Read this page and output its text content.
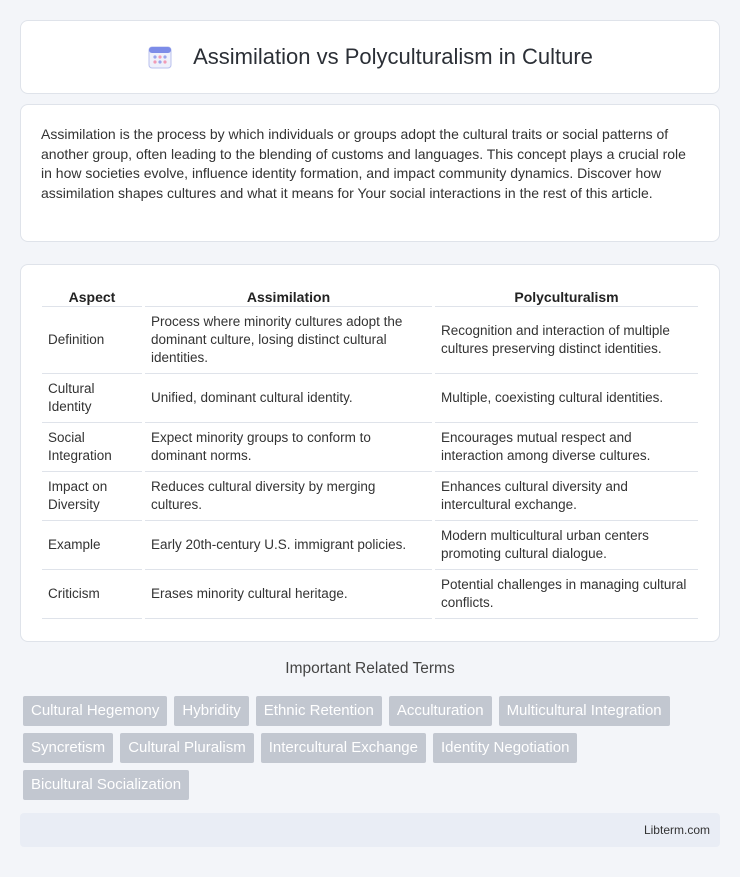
Assimilation vs Polyculturalism in Culture

Assimilation is the process by which individuals or groups adopt the cultural traits or social patterns of another group, often leading to the blending of customs and languages. This concept plays a crucial role in how societies evolve, influence identity formation, and impact community dynamics. Discover how assimilation shapes cultures and what it means for Your social interactions in the rest of this article.

Aspect	Assimilation	Polyculturalism
Definition	Process where minority cultures adopt the dominant culture, losing distinct cultural identities.	Recognition and interaction of multiple cultures preserving distinct identities.
Cultural Identity	Unified, dominant cultural identity.	Multiple, coexisting cultural identities.
Social Integration	Expect minority groups to conform to dominant norms.	Encourages mutual respect and interaction among diverse cultures.
Impact on Diversity	Reduces cultural diversity by merging cultures.	Enhances cultural diversity and intercultural exchange.
Example	Early 20th-century U.S. immigrant policies.	Modern multicultural urban centers promoting cultural dialogue.
Criticism	Erases minority cultural heritage.	Potential challenges in managing cultural conflicts.
Important Related Terms
Cultural Hegemony	Hybridity	Ethnic Retention	Acculturation	Multicultural Integration
Syncretism	Cultural Pluralism	Intercultural Exchange	Identity Negotiation
Bicultural Socialization
Libterm.com
